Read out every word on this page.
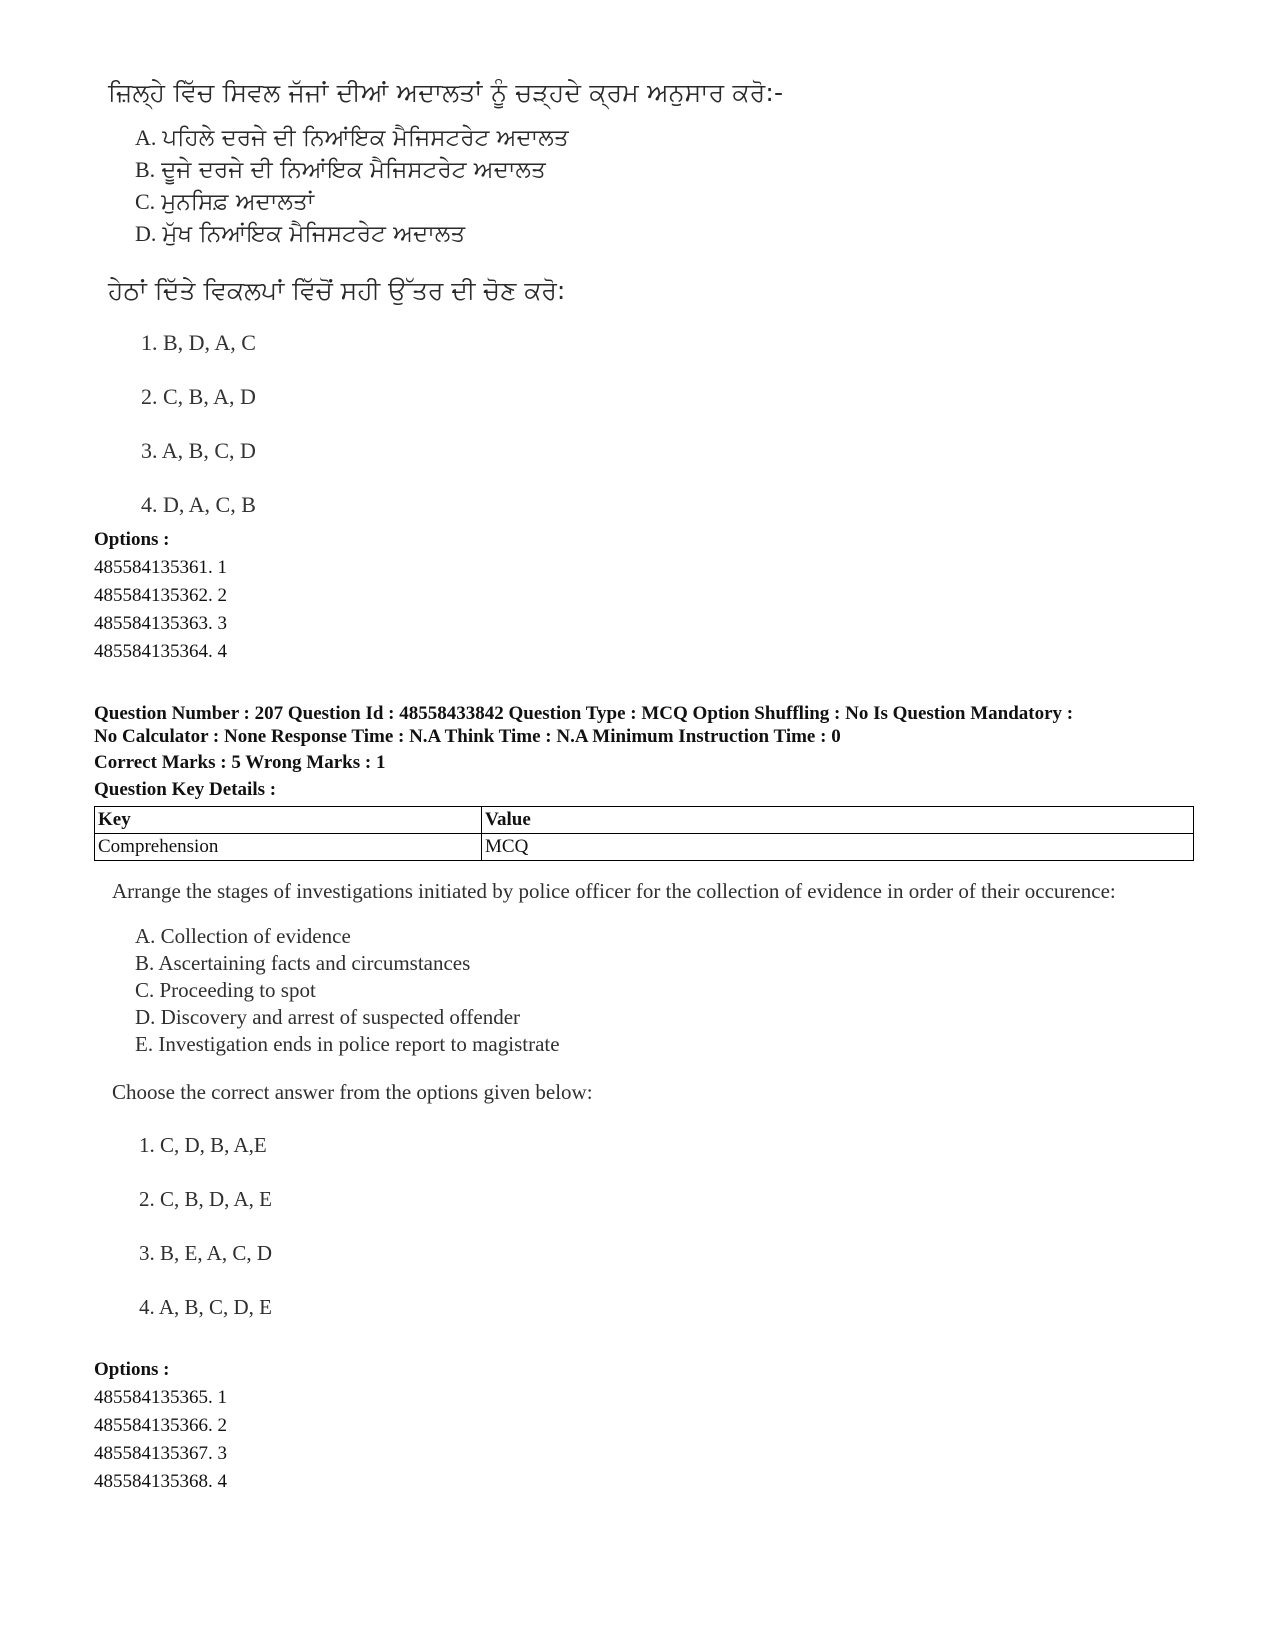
ਜ਼ਿਲ੍ਹੇ ਵਿੱਚ ਸਿਵਲ ਜੱਜਾਂ ਦੀਆਂ ਅਦਾਲਤਾਂ ਨੂੰ ਚੜ੍ਹਦੇ ਕ੍ਰਮ ਅਨੁਸਾਰ ਕਰੋ:-
A. ਪਹਿਲੇ ਦਰਜੇ ਦੀ ਨਿਆਂਇਕ ਮੈਜਿਸਟਰੇਟ ਅਦਾਲਤ
B. ਦੂਜੇ ਦਰਜੇ ਦੀ ਨਿਆਂਇਕ ਮੈਜਿਸਟਰੇਟ ਅਦਾਲਤ
C. ਮੁਨਸਿਫ਼ ਅਦਾਲਤਾਂ
D. ਮੁੱਖ ਨਿਆਂਇਕ ਮੈਜਿਸਟਰੇਟ ਅਦਾਲਤ
ਹੇਠਾਂ ਦਿੱਤੇ ਵਿਕਲਪਾਂ ਵਿੱਚੋਂ ਸਹੀ ਉੱਤਰ ਦੀ ਚੋਣ ਕਰੋ:
1. B, D, A, C
2. C, B, A, D
3. A, B, C, D
4. D, A, C, B
Options :
485584135361. 1
485584135362. 2
485584135363. 3
485584135364. 4
Question Number : 207 Question Id : 48558433842 Question Type : MCQ Option Shuffling : No Is Question Mandatory :
No Calculator : None Response Time : N.A Think Time : N.A Minimum Instruction Time : 0
Correct Marks : 5 Wrong Marks : 1
Question Key Details :
Key	Value
Comprehension	MCQ
Arrange the stages of investigations initiated by police officer for the collection of evidence in order of their occurence:
A. Collection of evidence
B. Ascertaining facts and circumstances
C. Proceeding to spot
D. Discovery and arrest of suspected offender
E. Investigation ends in police report to magistrate
Choose the correct answer from the options given below:
1. C, D, B, A,E
2. C, B, D, A, E
3. B, E, A, C, D
4. A, B, C, D, E
Options :
485584135365. 1
485584135366. 2
485584135367. 3
485584135368. 4
